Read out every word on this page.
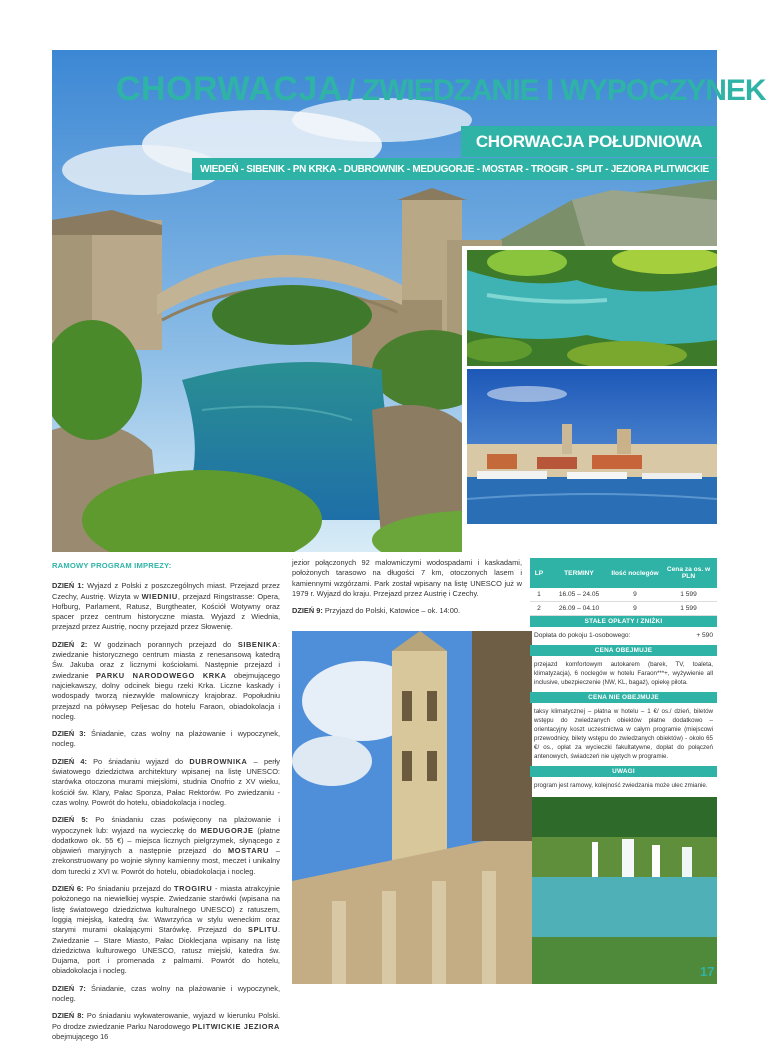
CHORWACJA / ZWIEDZANIE I WYPOCZYNEK
CHORWACJA POŁUDNIOWA
WIEDEŃ - SIBENIK - PN KRKA - DUBROWNIK - MEDUGORJE - MOSTAR - TROGIR - SPLIT - JEZIORA PLITWICKIE

RAMOWY PROGRAM IMPREZY:

DZIEŃ 1: Wyjazd z Polski z poszczególnych miast. Przejazd przez Czechy, Austrię. Wizyta w WIEDNIU, przejazd Ringstrasse: Opera, Hofburg, Parlament, Ratusz, Burgtheater, Kościół Wotywny oraz spacer przez centrum historyczne miasta. Wyjazd z Wiednia, przejazd przez Austrię, nocny przejazd przez Słowenię.

DZIEŃ 2: W godzinach porannych przejazd do SIBENIKA: zwiedzanie historycznego centrum miasta z renesansową katedrą Św. Jakuba oraz z licznymi kościołami. Następnie przejazd i zwiedzanie PARKU NARODOWEGO KRKA obejmującego najciekawszy, dolny odcinek biegu rzeki Krka. Liczne kaskady i wodospady tworzą niezwykle malowniczy krajobraz. Popołudniu przejazd na półwysep Peljesac do hotelu Faraon, obiadokolacja i nocleg.

DZIEŃ 3: Śniadanie, czas wolny na plażowanie i wypoczynek, nocleg.

DZIEŃ 4: Po śniadaniu wyjazd do DUBROWNIKA – perły światowego dziedzictwa architektury wpisanej na listę UNESCO: starówka otoczona murami miejskimi, studnia Onofrio z XV wieku, kościół św. Klary, Pałac Sponza, Pałac Rektorów. Po zwiedzaniu - czas wolny. Powrót do hotelu, obiadokolacja i nocleg.

DZIEŃ 5: Po śniadaniu czas poświęcony na plażowanie i wypoczynek lub: wyjazd na wycieczkę do MEDUGORJE (płatne dodatkowo ok. 55 €) – miejsca licznych pielgrzymek, słynącego z objawień maryjnych a następnie przejazd do MOSTARU – zrekonstruowany po wojnie słynny kamienny most, meczet i unikalny dom turecki z XVI w. Powrót do hotelu, obiadokolacja i nocleg.

DZIEŃ 6: Po śniadaniu przejazd do TROGIRU - miasta atrakcyjnie położonego na niewielkiej wyspie. Zwiedzanie starówki (wpisana na listę światowego dziedzictwa kulturalnego UNESCO) z ratuszem, loggią miejską, katedrą św. Wawrzyńca w stylu weneckim oraz starymi murami okalającymi Starówkę. Przejazd do SPLITU. Zwiedzanie – Stare Miasto, Pałac Dioklecjana wpisany na listę dziedzictwa kulturowego UNESCO, ratusz miejski, katedra św. Dujama, port i promenada z palmami. Powrót do hotelu, obiadokolacja i nocleg.

DZIEŃ 7: Śniadanie, czas wolny na plażowanie i wypoczynek, nocleg.

DZIEŃ 8: Po śniadaniu wykwaterowanie, wyjazd w kierunku Polski. Po drodze zwiedzanie Parku Narodowego PLITWICKIE JEZIORA obejmującego 16

jezior połączonych 92 malowniczymi wodospadami i kaskadami, położonych tarasowo na długości 7 km, otoczonych lasem i kamiennymi wzgórzami. Park został wpisany na listę UNESCO już w 1979 r. Wyjazd do kraju. Przejazd przez Austrię i Czechy.

DZIEŃ 9: Przyjazd do Polski, Katowice – ok. 14:00.

LP	TERMINY	Ilość noclegów	Cena za os. w PLN
1	16.05 – 24.05	9	1 599
2	26.09 – 04.10	9	1 599
STAŁE OPŁATY / ZNIŻKI
Dopłata do pokoju 1-osobowego:	+ 590
CENA OBEJMUJE
przejazd komfortowym autokarem (barek, TV, toaleta, klimatyzacja), 6 noclegów w hotelu Faraon***+, wyżywienie all inclusive, ubezpieczenie (NW, KL, bagaż), opiekę pilota.
CENA NIE OBEJMUJE
taksy klimatycznej – płatna w hotelu – 1 €/ os./ dzień, biletów wstępu do zwiedzanych obiektów płatne dodatkowo – orientacyjny koszt uczestnictwa w całym programie (miejscowi przewodnicy, bilety wstępu do zwiedzanych obiektów) - około 65 €/ os., opłat za wycieczki fakultatywne, dopłat do połączeń antenowych, świadczeń nie ujętych w programie.
UWAGI
program jest ramowy, kolejność zwiedzania może ulec zmianie.
17
